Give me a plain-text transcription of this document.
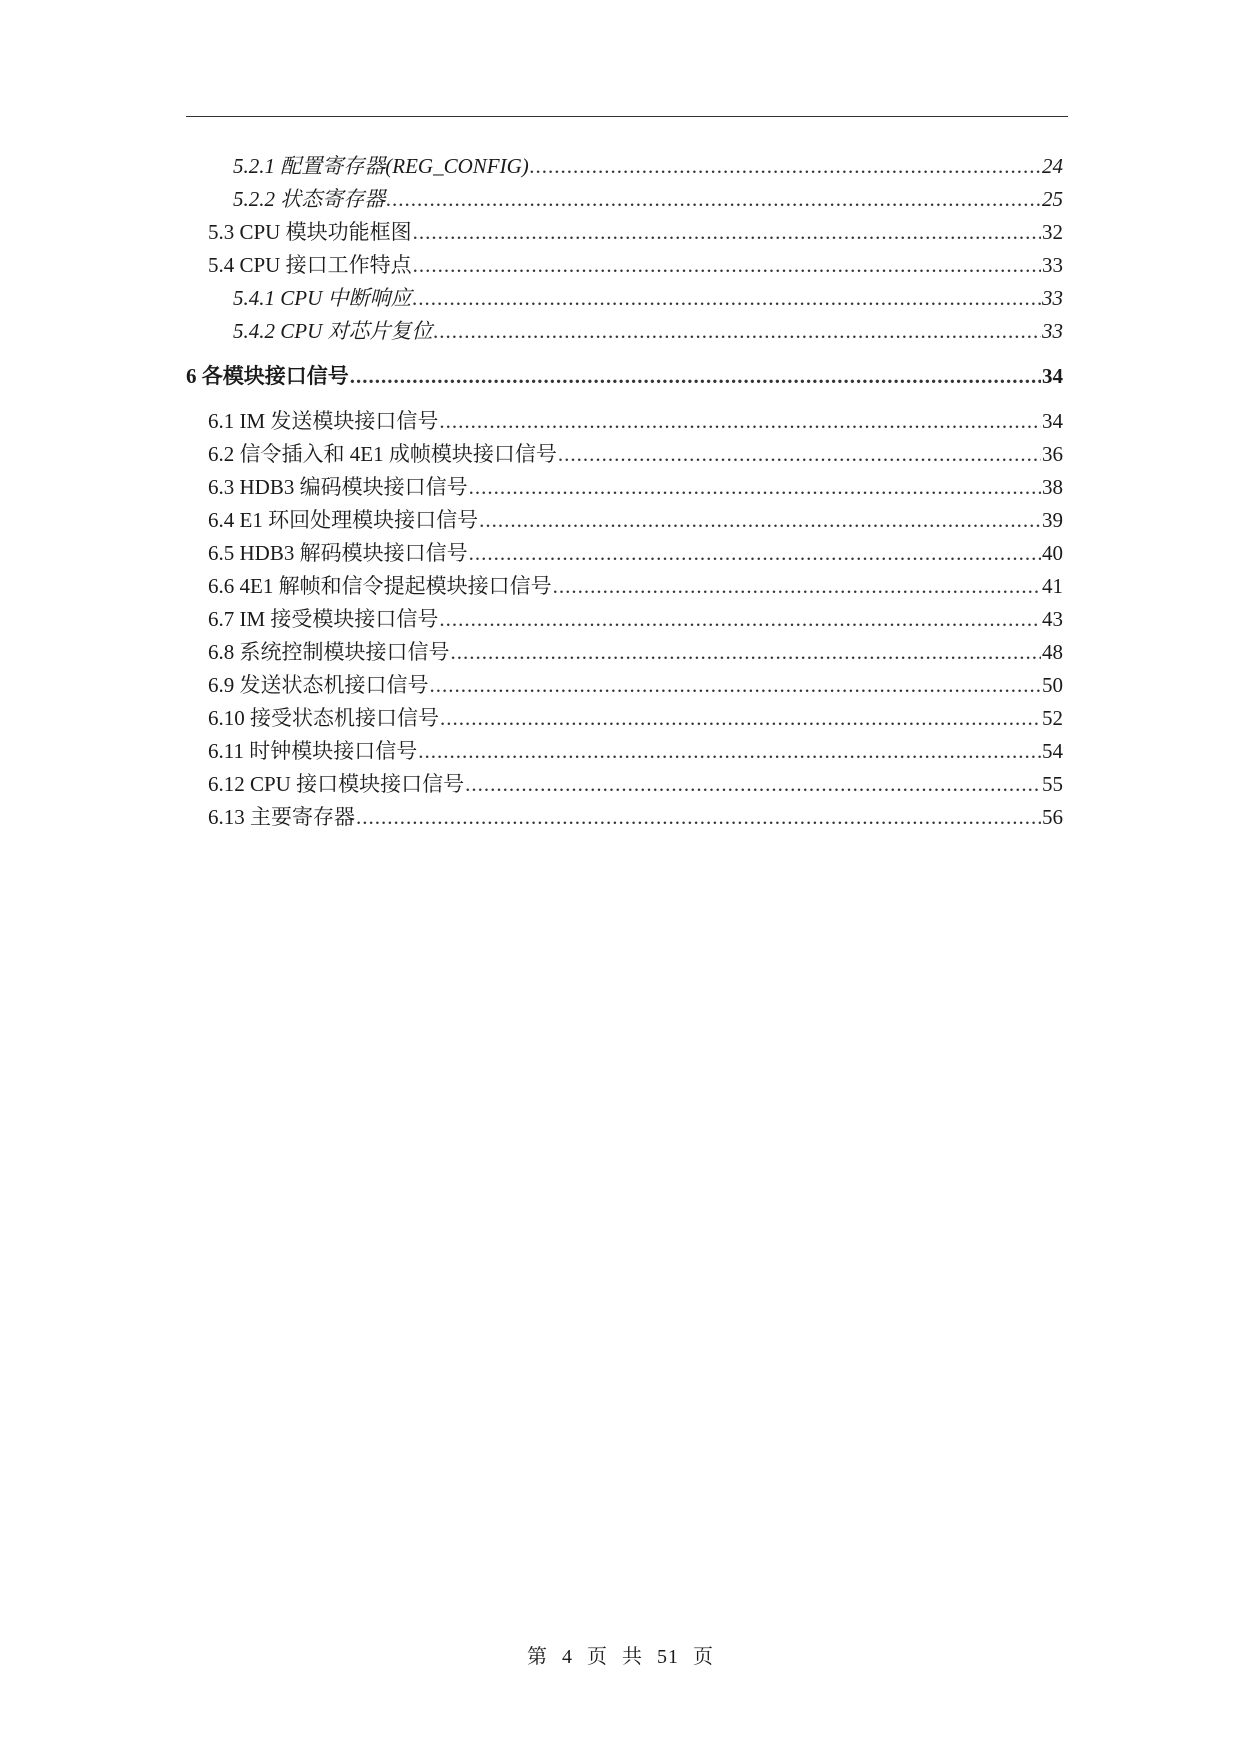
5.2.1 配置寄存器(REG_CONFIG) .....	24
5.2.2 状态寄存器 .....	25
5.3 CPU 模块功能框图 .....	32
5.4 CPU 接口工作特点 .....	33
5.4.1 CPU 中断响应 .....	33
5.4.2 CPU 对芯片复位 .....	33
6 各模块接口信号 .....	34
6.1 IM 发送模块接口信号 .....	34
6.2 信令插入和 4E1 成帧模块接口信号 .....	36
6.3 HDB3 编码模块接口信号 .....	38
6.4 E1 环回处理模块接口信号 .....	39
6.5 HDB3 解码模块接口信号 .....	40
6.6 4E1 解帧和信令提起模块接口信号 .....	41
6.7 IM 接受模块接口信号 .....	43
6.8 系统控制模块接口信号 .....	48
6.9 发送状态机接口信号 .....	50
6.10 接受状态机接口信号 .....	52
6.11 时钟模块接口信号 .....	54
6.12 CPU 接口模块接口信号 .....	55
6.13 主要寄存器 .....	56
第 4 页 共 51 页
